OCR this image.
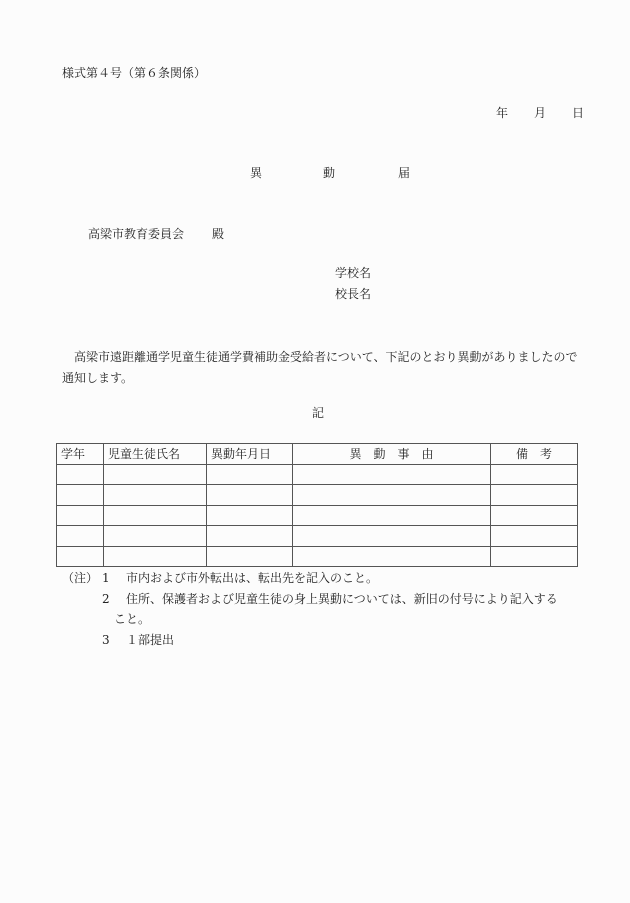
様式第４号（第６条関係）
年 月 日
異	動	届
高梁市教育委員会 殿
学校名
校長名
高梁市遠距離通学児童生徒通学費補助金受給者について、下記のとおり異動がありましたので通知します。
記
学年	児童生徒氏名	異動年月日	異　動　事　由	備　考

（注） 1 市内および市外転出は、転出先を記入のこと。
2 住所、保護者および児童生徒の身上異動については、新旧の付号により記入する
こと。
3 １部提出
